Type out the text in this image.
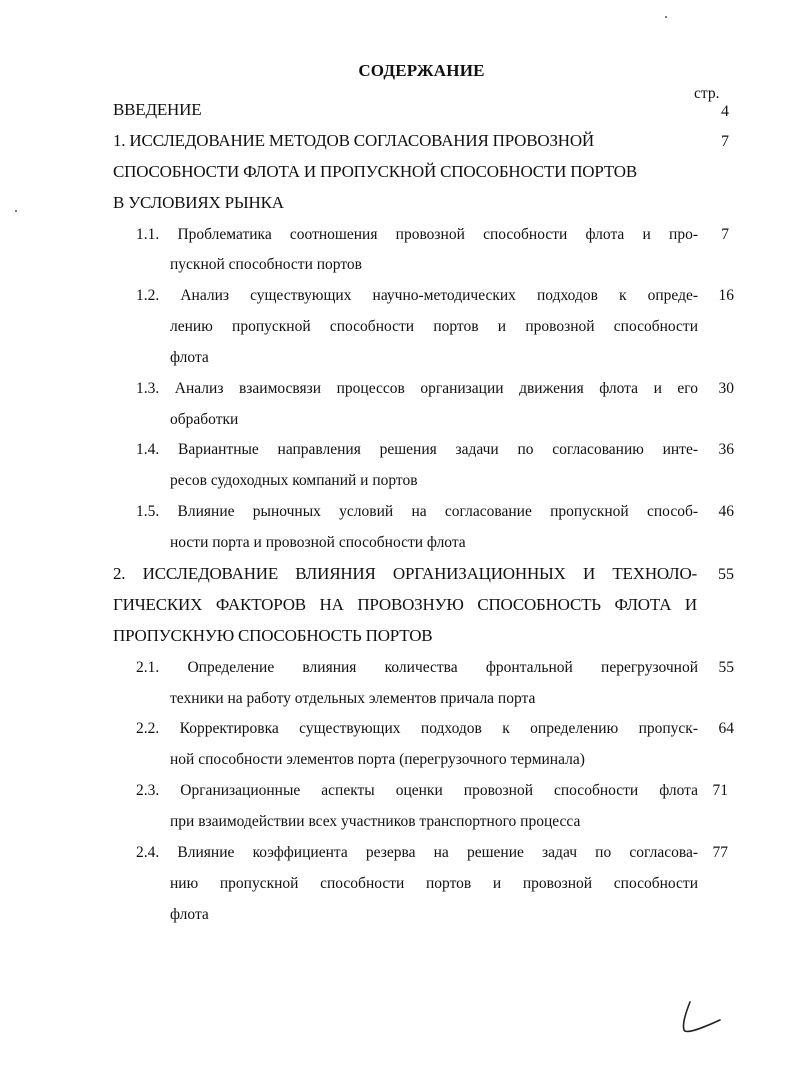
СОДЕРЖАНИЕ
стр.
ВВЕДЕНИЕ	4
1. ИССЛЕДОВАНИЕ МЕТОДОВ СОГЛАСОВАНИЯ ПРОВОЗНОЙ
СПОСОБНОСТИ ФЛОТА И ПРОПУСКНОЙ СПОСОБНОСТИ ПОРТОВ
В УСЛОВИЯХ РЫНКА
7
1.1. Проблематика соотношения провозной способности флота и про-
пускной способности портов
7
1.2. Анализ существующих научно-методических подходов к опреде-
лению пропускной способности портов и провозной способности
флота
16
1.3. Анализ взаимосвязи процессов организации движения флота и его
обработки
30
1.4. Вариантные направления решения задачи по согласованию инте-
ресов судоходных компаний и портов
36
1.5. Влияние рыночных условий на согласование пропускной способ-
ности порта и провозной способности флота
46
2. ИССЛЕДОВАНИЕ ВЛИЯНИЯ ОРГАНИЗАЦИОННЫХ И ТЕХНОЛО-
ГИЧЕСКИХ ФАКТОРОВ НА ПРОВОЗНУЮ СПОСОБНОСТЬ ФЛОТА И
ПРОПУСКНУЮ СПОСОБНОСТЬ ПОРТОВ
55
2.1. Определение влияния количества фронтальной перегрузочной
техники на работу отдельных элементов причала порта
55
2.2. Корректировка существующих подходов к определению пропуск-
ной способности элементов порта (перегрузочного терминала)
64
2.3. Организационные аспекты оценки провозной способности флота
при взаимодействии всех участников транспортного процесса
71
2.4. Влияние коэффициента резерва на решение задач по согласова-
нию пропускной способности портов и провозной способности
флота
77
